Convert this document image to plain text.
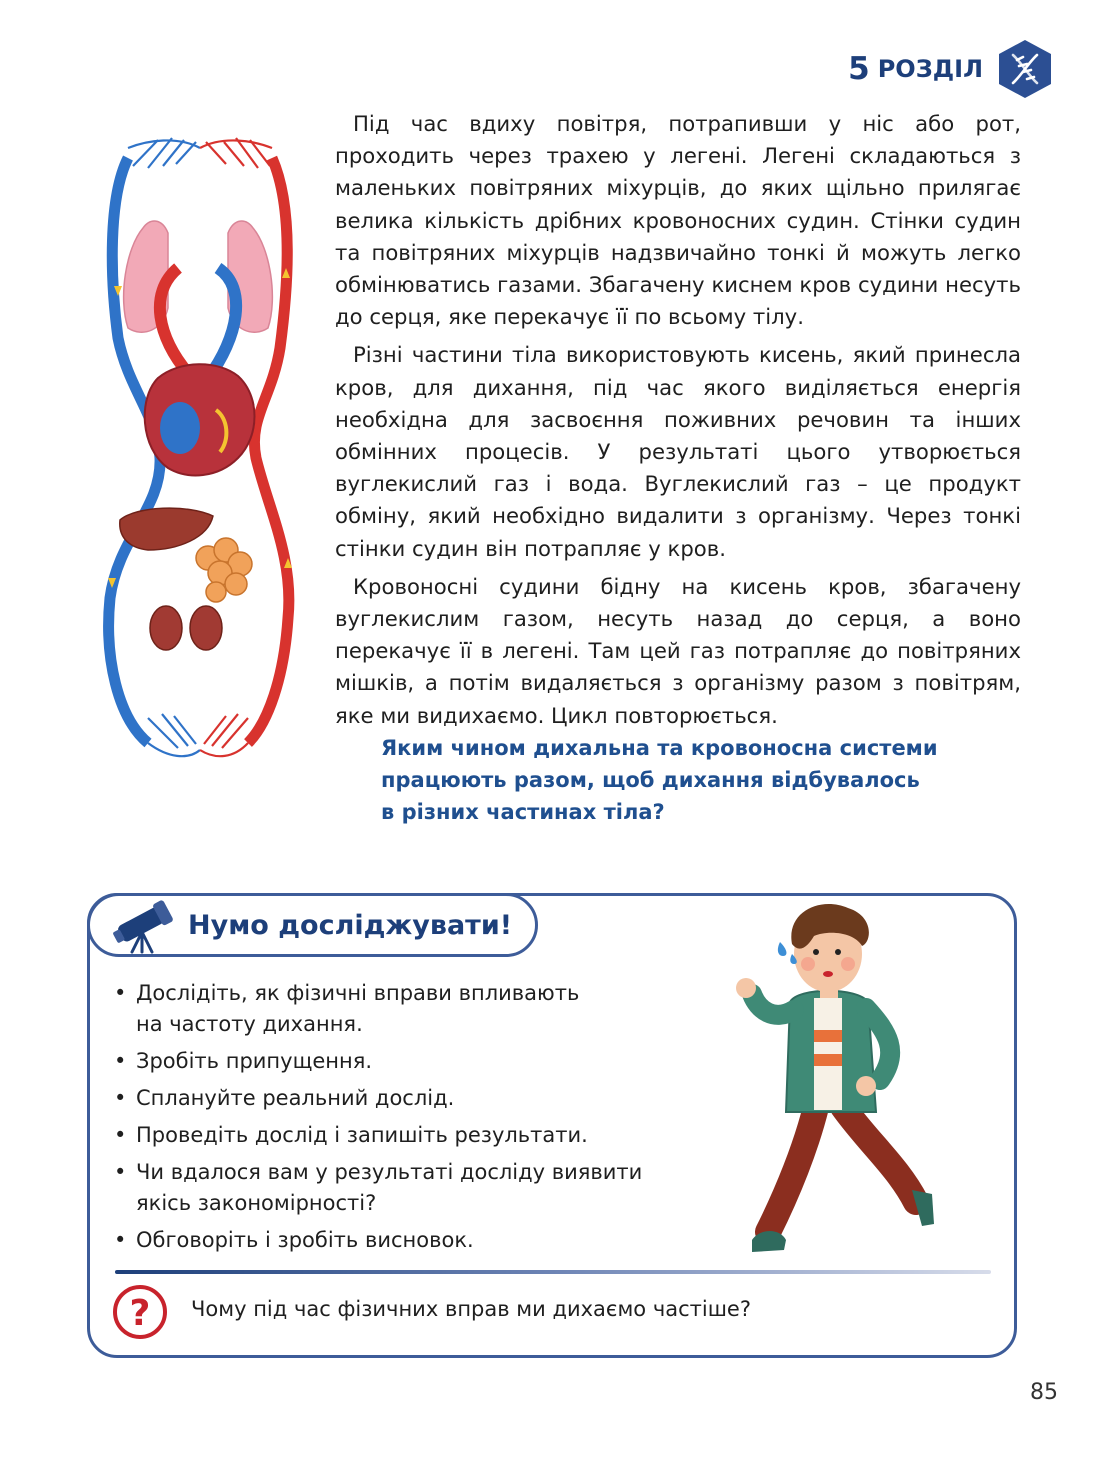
5 РОЗДІЛ

Під час вдиху повітря, потрапивши у ніс або рот, проходить через трахею у легені. Легені складаються з маленьких повітряних міхурців, до яких щільно прилягає велика кількість дрібних кровоносних судин. Стінки судин та повітряних міхурців надзвичайно тонкі й можуть легко обмінюватись газами. Збагачену киснем кров судини несуть до серця, яке перекачує її по всьому тілу.

Різні частини тіла використовують кисень, який принесла кров, для дихання, під час якого виділяється енергія необхідна для засвоєння поживних речовин та інших обмінних процесів. У результаті цього утворюється вуглекислий газ і вода. Вуглекислий газ – це продукт обміну, який необхідно видалити з організму. Через тонкі стінки судин він потрапляє у кров.

Кровоносні судини бідну на кисень кров, збагачену вуглекислим газом, несуть назад до серця, а воно перекачує її в легені. Там цей газ потрапляє до повітряних мішків, а потім видаляється з організму разом з повітрям, яке ми видихаємо. Цикл повторюється.

Яким чином дихальна та кровоносна системи
працюють разом, щоб дихання відбувалось
в різних частинах тіла?
Нумо досліджувати!
• Дослідіть, як фізичні вправи впливають
на частоту дихання.
• Зробіть припущення.
• Сплануйте реальний дослід.
• Проведіть дослід і запишіть результати.
• Чи вдалося вам у результаті досліду виявити
якісь закономірності?
• Обговоріть і зробіть висновок.
? Чому під час фізичних вправ ми дихаємо частіше?
85
